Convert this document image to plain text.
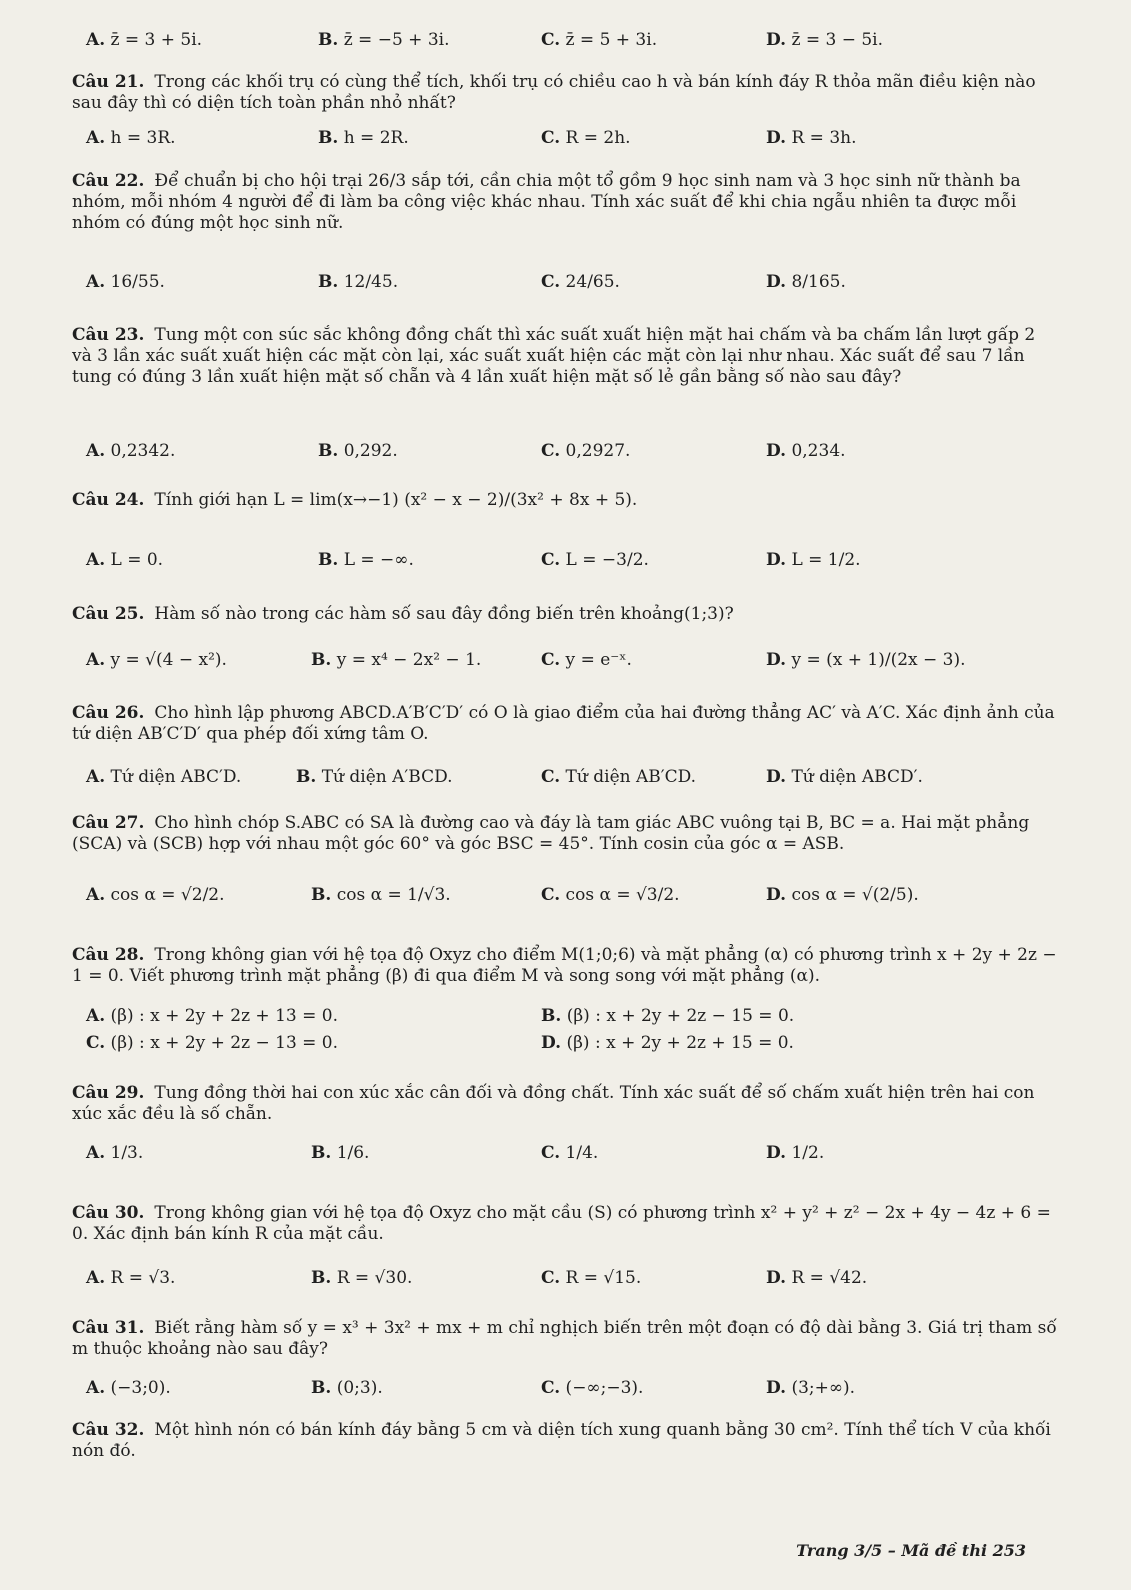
A. z̄ = 3 + 5i.	B. z̄ = −5 + 3i.	C. z̄ = 5 + 3i.	D. z̄ = 3 − 5i.
Câu 21. Trong các khối trụ có cùng thể tích, khối trụ có chiều cao h và bán kính đáy R thỏa mãn điều kiện nào sau đây thì có diện tích toàn phần nhỏ nhất?
A. h = 3R.	B. h = 2R.	C. R = 2h.	D. R = 3h.
Câu 22. Để chuẩn bị cho hội trại 26/3 sắp tới, cần chia một tổ gồm 9 học sinh nam và 3 học sinh nữ thành ba nhóm, mỗi nhóm 4 người để đi làm ba công việc khác nhau. Tính xác suất để khi chia ngẫu nhiên ta được mỗi nhóm có đúng một học sinh nữ.
A. 16/55.	B. 12/45.	C. 24/65.	D. 8/165.
Câu 23. Tung một con súc sắc không đồng chất thì xác suất xuất hiện mặt hai chấm và ba chấm lần lượt gấp 2 và 3 lần xác suất xuất hiện các mặt còn lại, xác suất xuất hiện các mặt còn lại như nhau. Xác suất để sau 7 lần tung có đúng 3 lần xuất hiện mặt số chẵn và 4 lần xuất hiện mặt số lẻ gần bằng số nào sau đây?
A. 0,2342.	B. 0,292.	C. 0,2927.	D. 0,234.
Câu 24. Tính giới hạn L = lim(x→−1) (x² − x − 2)/(3x² + 8x + 5).
A. L = 0.	B. L = −∞.	C. L = −3/2.	D. L = 1/2.
Câu 25. Hàm số nào trong các hàm số sau đây đồng biến trên khoảng(1;3)?
A. y = √(4 − x²).	B. y = x⁴ − 2x² − 1.	C. y = e⁻ˣ.	D. y = (x + 1)/(2x − 3).
Câu 26. Cho hình lập phương ABCD.A′B′C′D′ có O là giao điểm của hai đường thẳng AC′ và A′C. Xác định ảnh của tứ diện AB′C′D′ qua phép đối xứng tâm O.
A. Tứ diện ABC′D.	B. Tứ diện A′BCD.	C. Tứ diện AB′CD.	D. Tứ diện ABCD′.
Câu 27. Cho hình chóp S.ABC có SA là đường cao và đáy là tam giác ABC vuông tại B, BC = a. Hai mặt phẳng (SCA) và (SCB) hợp với nhau một góc 60° và góc BSC = 45°. Tính cosin của góc α = ASB.
A. cos α = √2/2.	B. cos α = 1/√3.	C. cos α = √3/2.	D. cos α = √(2/5).
Câu 28. Trong không gian với hệ tọa độ Oxyz cho điểm M(1;0;6) và mặt phẳng (α) có phương trình x + 2y + 2z − 1 = 0. Viết phương trình mặt phẳng (β) đi qua điểm M và song song với mặt phẳng (α).
A. (β) : x + 2y + 2z + 13 = 0.	B. (β) : x + 2y + 2z − 15 = 0.
C. (β) : x + 2y + 2z − 13 = 0.	D. (β) : x + 2y + 2z + 15 = 0.
Câu 29. Tung đồng thời hai con xúc xắc cân đối và đồng chất. Tính xác suất để số chấm xuất hiện trên hai con xúc xắc đều là số chẵn.
A. 1/3.	B. 1/6.	C. 1/4.	D. 1/2.
Câu 30. Trong không gian với hệ tọa độ Oxyz cho mặt cầu (S) có phương trình x² + y² + z² − 2x + 4y − 4z + 6 = 0. Xác định bán kính R của mặt cầu.
A. R = √3.	B. R = √30.	C. R = √15.	D. R = √42.
Câu 31. Biết rằng hàm số y = x³ + 3x² + mx + m chỉ nghịch biến trên một đoạn có độ dài bằng 3. Giá trị tham số m thuộc khoảng nào sau đây?
A. (−3;0).	B. (0;3).	C. (−∞;−3).	D. (3;+∞).
Câu 32. Một hình nón có bán kính đáy bằng 5 cm và diện tích xung quanh bằng 30 cm². Tính thể tích V của khối nón đó.
Trang 3/5 – Mã đề thi 253
